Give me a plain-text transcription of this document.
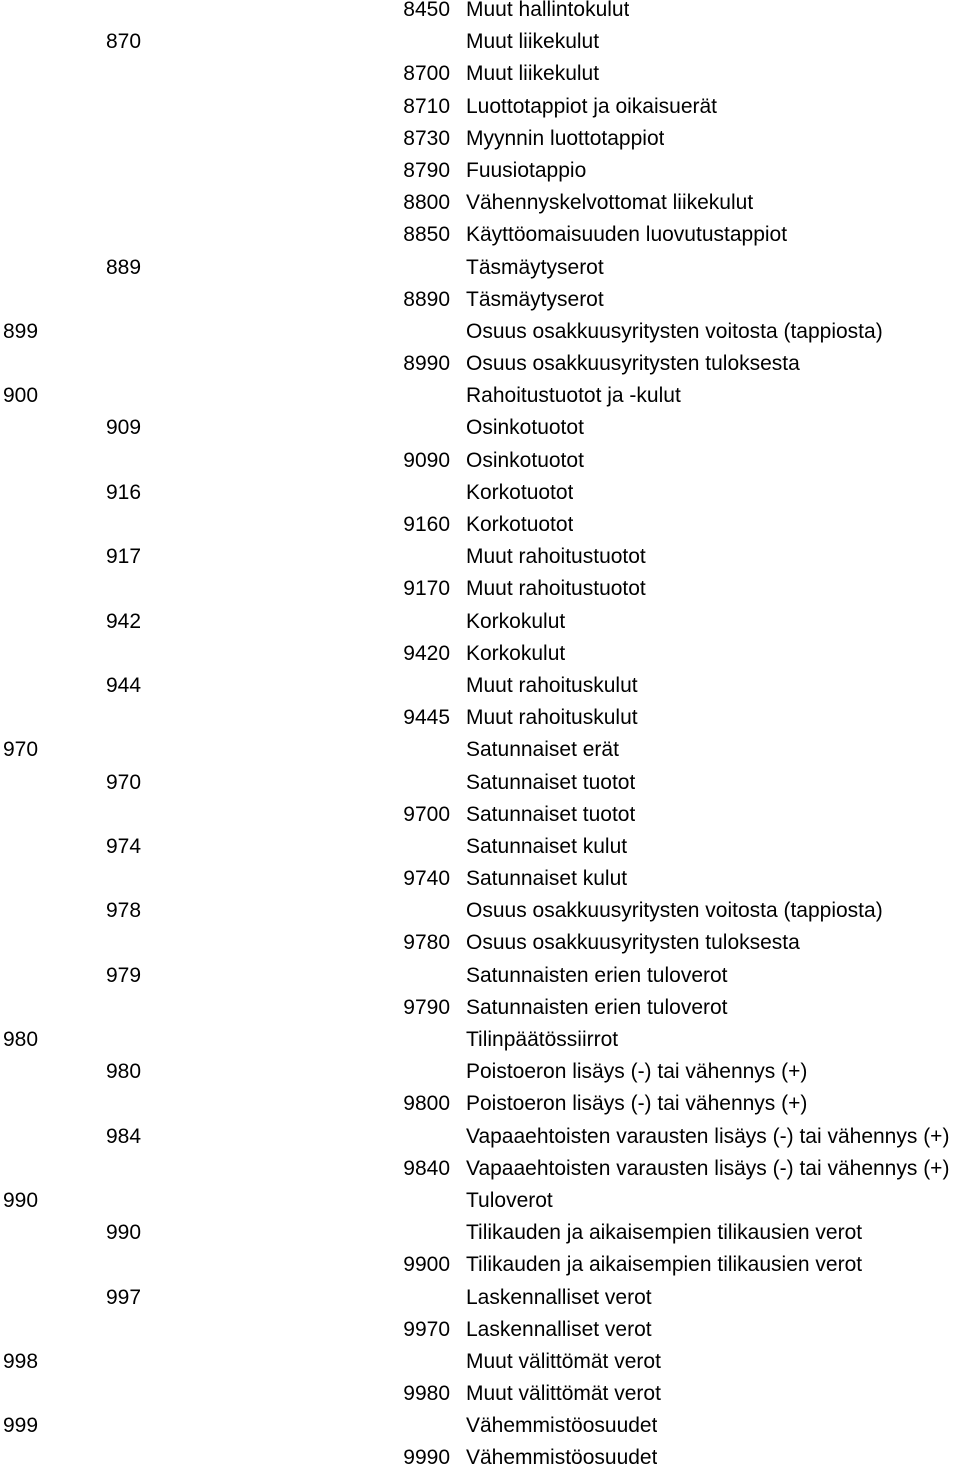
8450 Muut hallintokulut
870	Muut liikekulut
8700 Muut liikekulut
8710 Luottotappiot ja oikaisuerät
8730 Myynnin luottotappiot
8790 Fuusiotappio
8800 Vähennyskelvottomat liikekulut
8850 Käyttöomaisuuden luovutustappiot
889	Täsmäytyserot
8890 Täsmäytyserot
899	Osuus osakkuusyritysten voitosta (tappiosta)
8990 Osuus osakkuusyritysten tuloksesta
900	Rahoitustuotot ja -kulut
909	Osinkotuotot
9090 Osinkotuotot
916	Korkotuotot
9160 Korkotuotot
917	Muut rahoitustuotot
9170 Muut rahoitustuotot
942	Korkokulut
9420 Korkokulut
944	Muut rahoituskulut
9445 Muut rahoituskulut
970	Satunnaiset erät
970	Satunnaiset tuotot
9700 Satunnaiset tuotot
974	Satunnaiset kulut
9740 Satunnaiset kulut
978	Osuus osakkuusyritysten voitosta (tappiosta)
9780 Osuus osakkuusyritysten tuloksesta
979	Satunnaisten erien tuloverot
9790 Satunnaisten erien tuloverot
980	Tilinpäätössiirrot
980	Poistoeron lisäys (-) tai vähennys (+)
9800 Poistoeron lisäys (-) tai vähennys (+)
984	Vapaaehtoisten varausten lisäys (-) tai vähennys (+)
9840 Vapaaehtoisten varausten lisäys (-) tai vähennys (+)
990	Tuloverot
990	Tilikauden ja aikaisempien tilikausien verot
9900 Tilikauden ja aikaisempien tilikausien verot
997	Laskennalliset verot
9970 Laskennalliset verot
998	Muut välittömät verot
9980 Muut välittömät verot
999	Vähemmistöosuudet
9990 Vähemmistöosuudet
